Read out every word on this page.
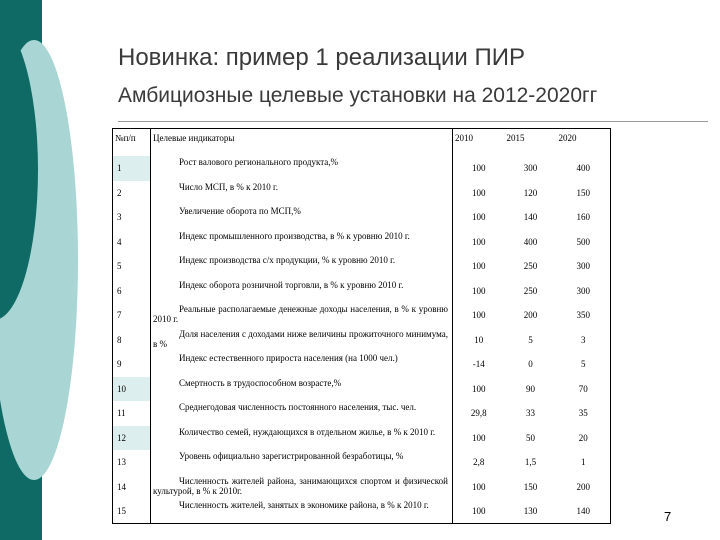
Новинка: пример 1 реализации ПИР
Амбициозные целевые установки на 2012-2020гг
№п/п	Целевые индикаторы	2010	2015	2020
1	Рост валового регионального продукта,%	100	300	400
2	Число МСП, в % к 2010 г.	100	120	150
3	Увеличение оборота по МСП,%	100	140	160
4	Индекс промышленного производства, в % к уровню 2010 г.	100	400	500
5	Индекс производства с/х продукции, % к уровню 2010 г.	100	250	300
6	Индекс оборота розничной торговли, в % к уровню 2010 г.	100	250	300
7	Реальные располагаемые денежные доходы населения, в % к уровню 2010 г.	100	200	350
8	Доля населения с доходами ниже величины прожиточного минимума, в %	10	5	3
9	Индекс естественного прироста населения (на 1000 чел.)	-14	0	5
10	Смертность в трудоспособном возрасте,%	100	90	70
11	Среднегодовая численность постоянного населения, тыс. чел.	29,8	33	35
12	Количество семей, нуждающихся в отдельном жилье, в % к 2010 г.	100	50	20
13	Уровень официально зарегистрированной безработицы, %	2,8	1,5	1
14	Численность жителей района, занимающихся спортом и физической культурой, в % к 2010г.	100	150	200
15	Численность жителей, занятых в экономике района, в % к 2010 г.	100	130	140	7
